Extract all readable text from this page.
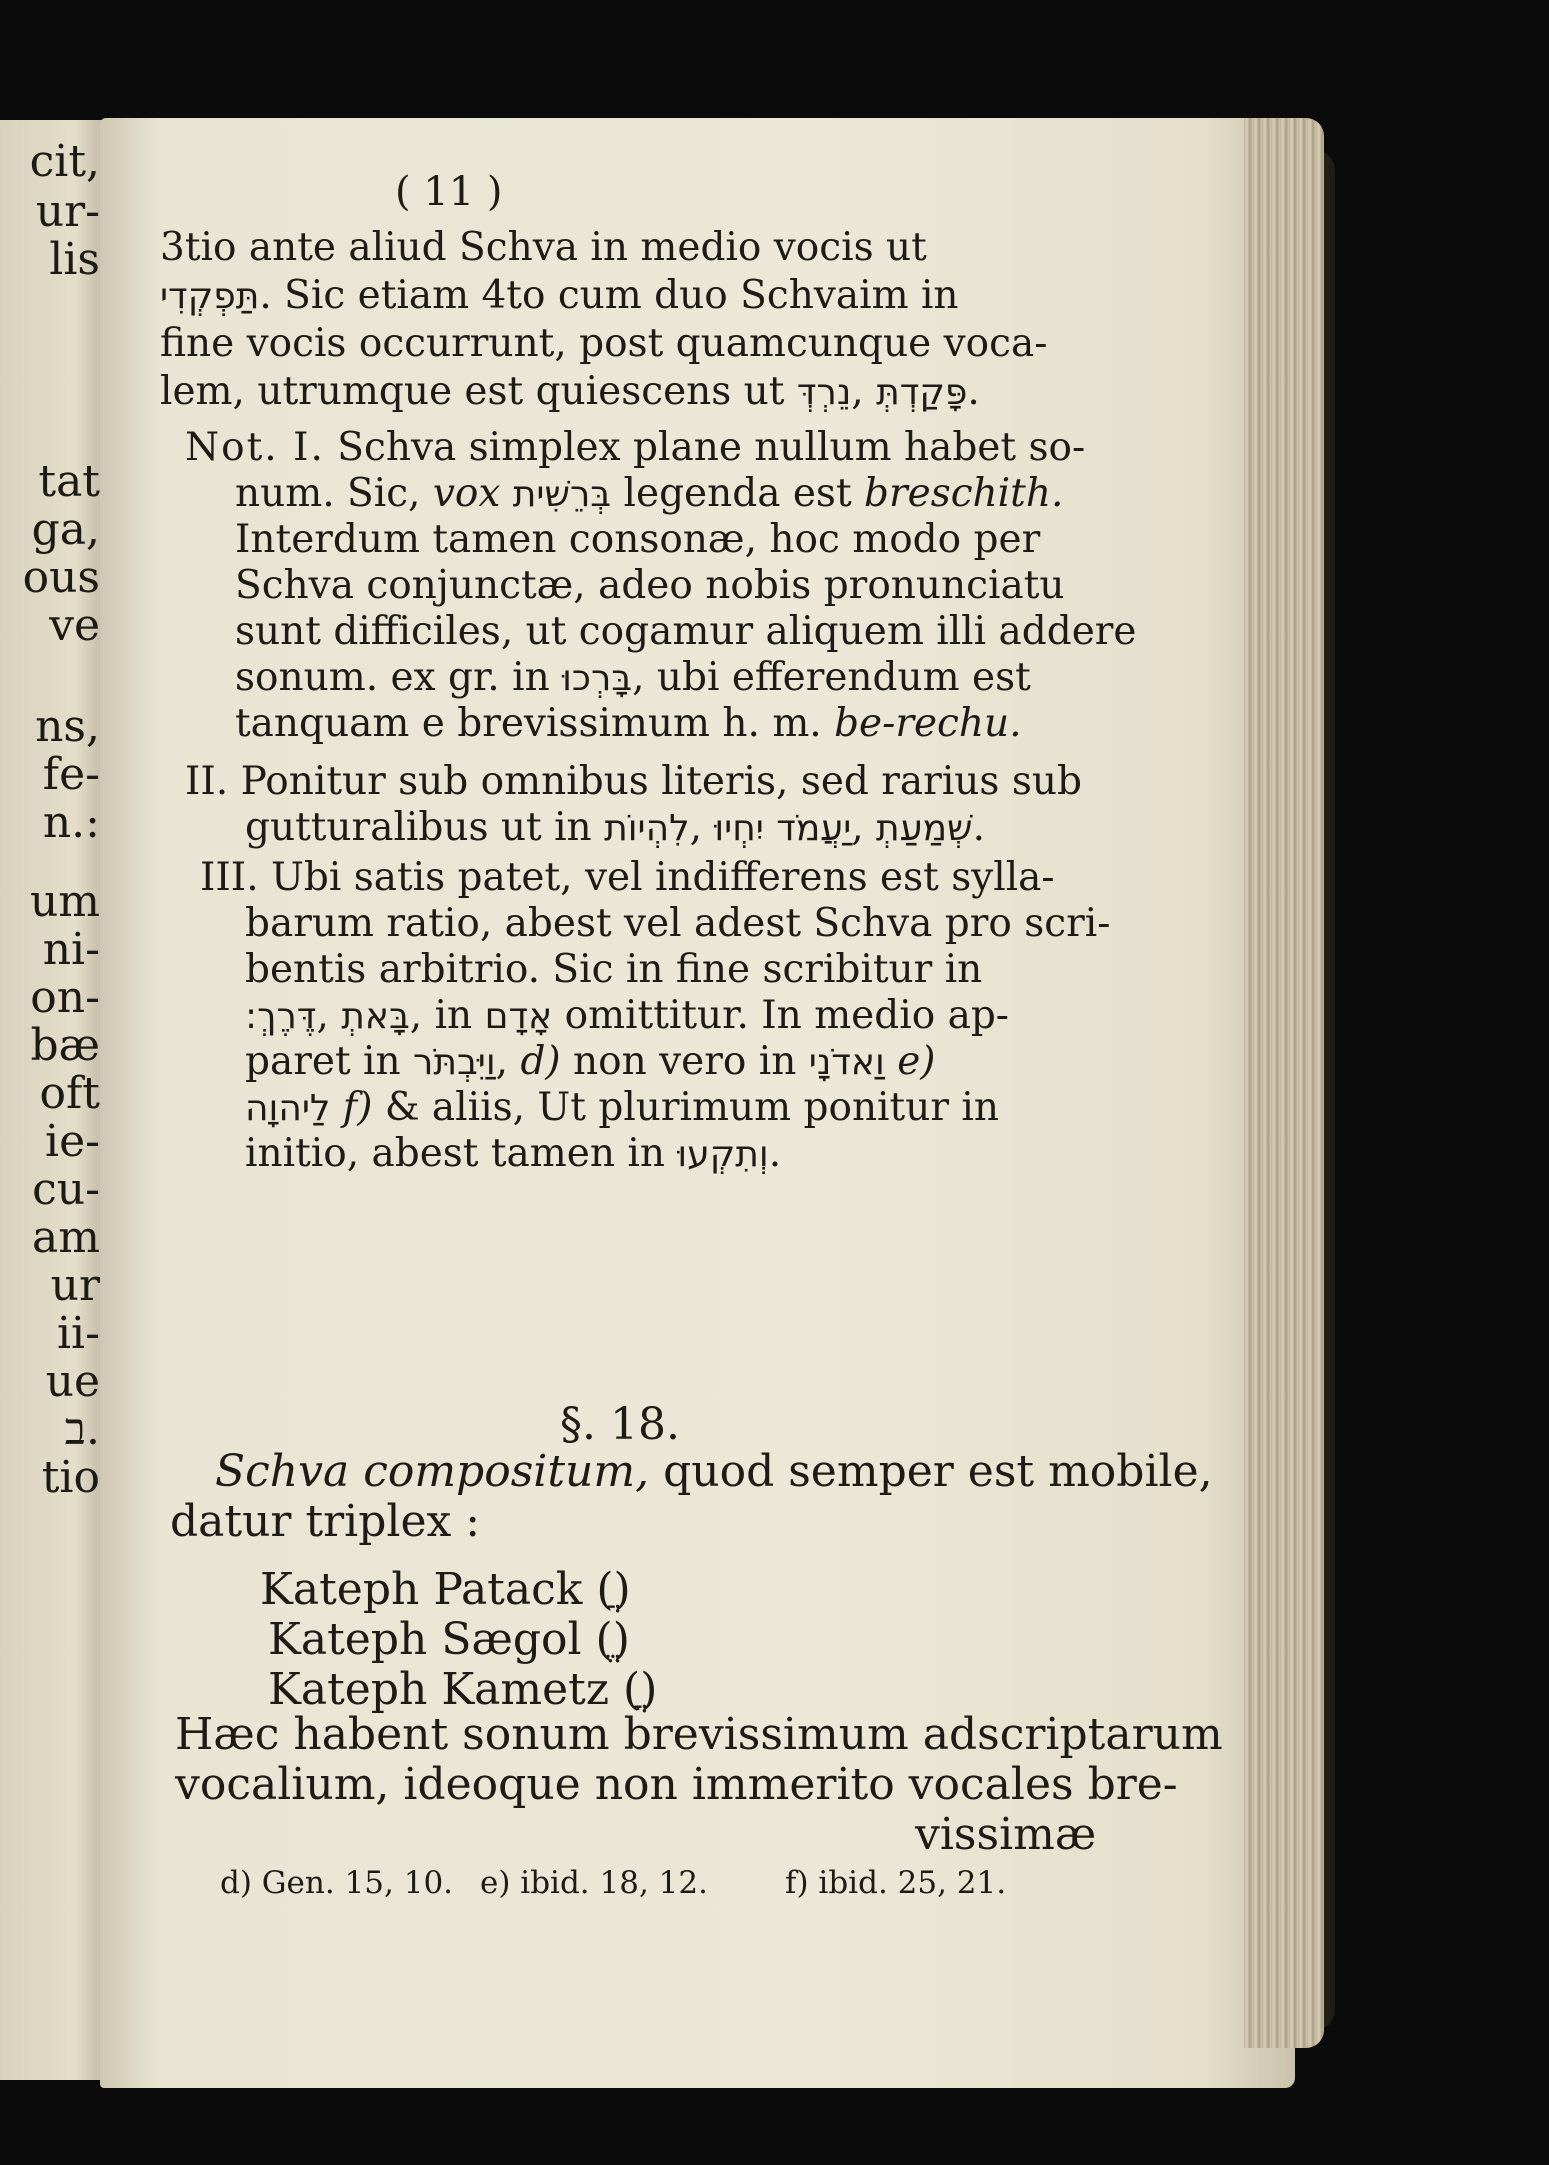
cit,
ur-
lis
tat
ga,
ous
ve
ns,
fe-
n.:
um
ni-
on-
bæ
oft
ie-
cu-
am
ur
ii-
ue
ב.
tio
( 11 )
3tio ante aliud Schva in medio vocis ut
תַּפְקְדִי. Sic etiam 4to cum duo Schvaim in
fine vocis occurrunt, post quamcunque voca-
lem, utrumque est quiescens ut נֵרְדְּ, פָּקַדְתְּ.
Not. I. Schva simplex plane nullum habet so-
num. Sic, vox בְּרֵשִׁית legenda est breschith.
Interdum tamen consonæ, hoc modo per
Schva conjunctæ, adeo nobis pronunciatu
sunt difficiles, ut cogamur aliquem illi addere
sonum. ex gr. in בָּרְכוּ, ubi efferendum est
tanquam e brevissimum h. m. be-rechu.
II. Ponitur sub omnibus literis, sed rarius sub
gutturalibus ut in לִהְיוֹת, יִחְיוּ יַעֲמֹד, שְׁמַעַתְ.
III. Ubi satis patet, vel indifferens est sylla-
barum ratio, abest vel adest Schva pro scri-
bentis arbitrio. Sic in fine scribitur in
דֶּרֶךְ:, בָּאתְ, in אָדָם omittitur. In medio ap-
paret in וַיִּבְתֹּר, d) non vero in וַאדֹנָי e)
לַיהוָה f) & aliis, Ut plurimum ponitur in
initio, abest tamen in וְתִקְעוּ.
§. 18.
Schva compositum, quod semper est mobile,
datur triplex :
Kateph Patack (ֲ)
Kateph Sægol (ֱ)
Kateph Kametz (ֳ)
Hæc habent sonum brevissimum adscriptarum
vocalium, ideoque non immerito vocales bre-
vissimæ
d) Gen. 15, 10. e) ibid. 18, 12. f) ibid. 25, 21.
